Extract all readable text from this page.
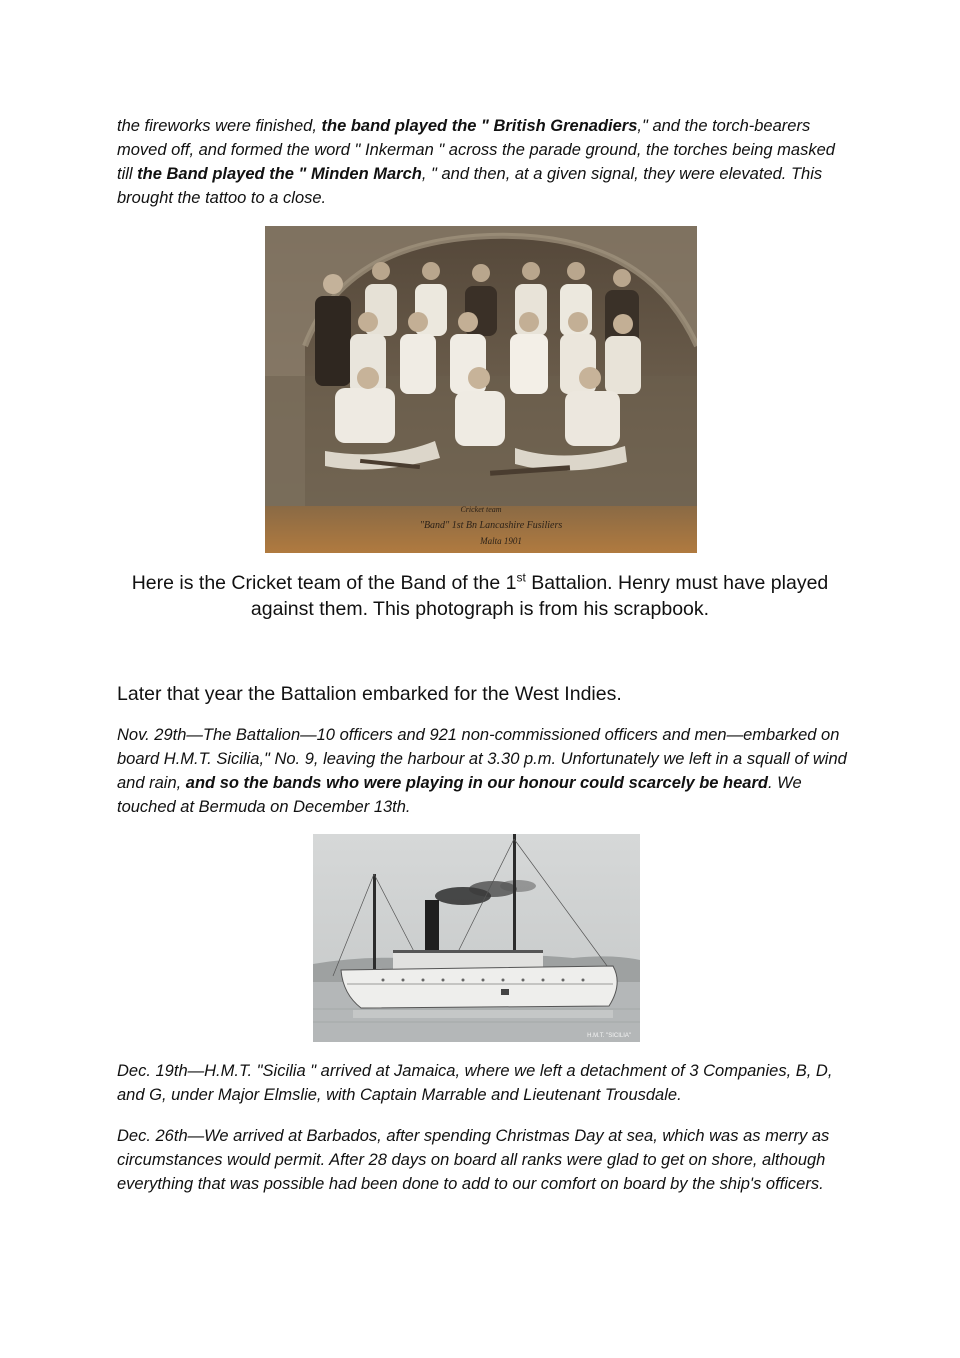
the fireworks were finished, the band played the " British Grenadiers," and the torch-bearers moved off, and formed the word " Inkerman " across the parade ground, the torches being masked till the Band played the " Minden March, " and then, at a given signal, they were elevated. This brought the tattoo to a close.

Cricket team
"Band" 1st Bn Lancashire Fusiliers
Malta 1901

Here is the Cricket team of the Band of the 1st Battalion. Henry must have played against them. This photograph is from his scrapbook.

Later that year the Battalion embarked for the West Indies.

Nov. 29th—The Battalion—10 officers and 921 non-commissioned officers and men—embarked on board H.M.T. Sicilia," No. 9, leaving the harbour at 3.30 p.m. Unfortunately we left in a squall of wind and rain, and so the bands who were playing in our honour could scarcely be heard. We touched at Bermuda on December 13th.

H.M.T. "SICILIA"

Dec. 19th—H.M.T. "Sicilia " arrived at Jamaica, where we left a detachment of 3 Companies, B, D, and G, under Major Elmslie, with Captain Marrable and Lieutenant Trousdale.

Dec. 26th—We arrived at Barbados, after spending Christmas Day at sea, which was as merry as circumstances would permit. After 28 days on board all ranks were glad to get on shore, although everything that was possible had been done to add to our comfort on board by the ship's officers.
